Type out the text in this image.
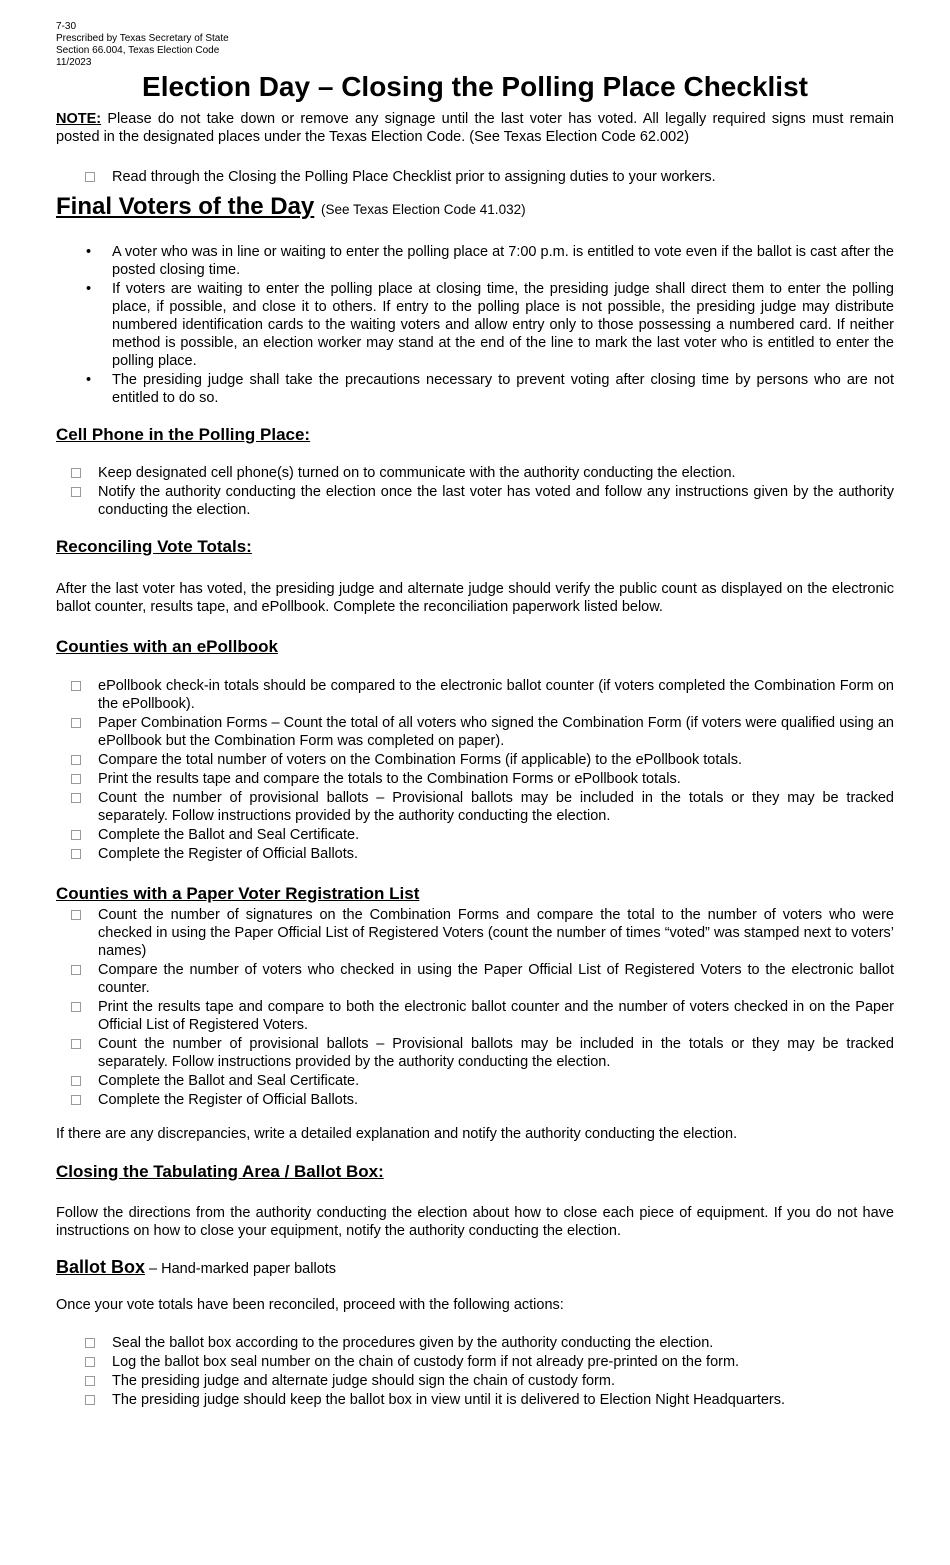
7-30
Prescribed by Texas Secretary of State
Section 66.004, Texas Election Code
11/2023
Election Day – Closing the Polling Place Checklist
NOTE: Please do not take down or remove any signage until the last voter has voted. All legally required signs must remain posted in the designated places under the Texas Election Code. (See Texas Election Code 62.002)
Read through the Closing the Polling Place Checklist prior to assigning duties to your workers.
Final Voters of the Day (See Texas Election Code 41.032)
• A voter who was in line or waiting to enter the polling place at 7:00 p.m. is entitled to vote even if the ballot is cast after the posted closing time.
• If voters are waiting to enter the polling place at closing time, the presiding judge shall direct them to enter the polling place, if possible, and close it to others. If entry to the polling place is not possible, the presiding judge may distribute numbered identification cards to the waiting voters and allow entry only to those possessing a numbered card. If neither method is possible, an election worker may stand at the end of the line to mark the last voter who is entitled to enter the polling place.
• The presiding judge shall take the precautions necessary to prevent voting after closing time by persons who are not entitled to do so.
Cell Phone in the Polling Place:
Keep designated cell phone(s) turned on to communicate with the authority conducting the election.
Notify the authority conducting the election once the last voter has voted and follow any instructions given by the authority conducting the election.
Reconciling Vote Totals:
After the last voter has voted, the presiding judge and alternate judge should verify the public count as displayed on the electronic ballot counter, results tape, and ePollbook. Complete the reconciliation paperwork listed below.
Counties with an ePollbook
ePollbook check-in totals should be compared to the electronic ballot counter (if voters completed the Combination Form on the ePollbook).
Paper Combination Forms – Count the total of all voters who signed the Combination Form (if voters were qualified using an ePollbook but the Combination Form was completed on paper).
Compare the total number of voters on the Combination Forms (if applicable) to the ePollbook totals.
Print the results tape and compare the totals to the Combination Forms or ePollbook totals.
Count the number of provisional ballots – Provisional ballots may be included in the totals or they may be tracked separately. Follow instructions provided by the authority conducting the election.
Complete the Ballot and Seal Certificate.
Complete the Register of Official Ballots.
Counties with a Paper Voter Registration List
Count the number of signatures on the Combination Forms and compare the total to the number of voters who were checked in using the Paper Official List of Registered Voters (count the number of times “voted” was stamped next to voters’ names)
Compare the number of voters who checked in using the Paper Official List of Registered Voters to the electronic ballot counter.
Print the results tape and compare to both the electronic ballot counter and the number of voters checked in on the Paper Official List of Registered Voters.
Count the number of provisional ballots – Provisional ballots may be included in the totals or they may be tracked separately. Follow instructions provided by the authority conducting the election.
Complete the Ballot and Seal Certificate.
Complete the Register of Official Ballots.
If there are any discrepancies, write a detailed explanation and notify the authority conducting the election.
Closing the Tabulating Area / Ballot Box:
Follow the directions from the authority conducting the election about how to close each piece of equipment. If you do not have instructions on how to close your equipment, notify the authority conducting the election.
Ballot Box – Hand-marked paper ballots
Once your vote totals have been reconciled, proceed with the following actions:
Seal the ballot box according to the procedures given by the authority conducting the election.
Log the ballot box seal number on the chain of custody form if not already pre-printed on the form.
The presiding judge and alternate judge should sign the chain of custody form.
The presiding judge should keep the ballot box in view until it is delivered to Election Night Headquarters.
